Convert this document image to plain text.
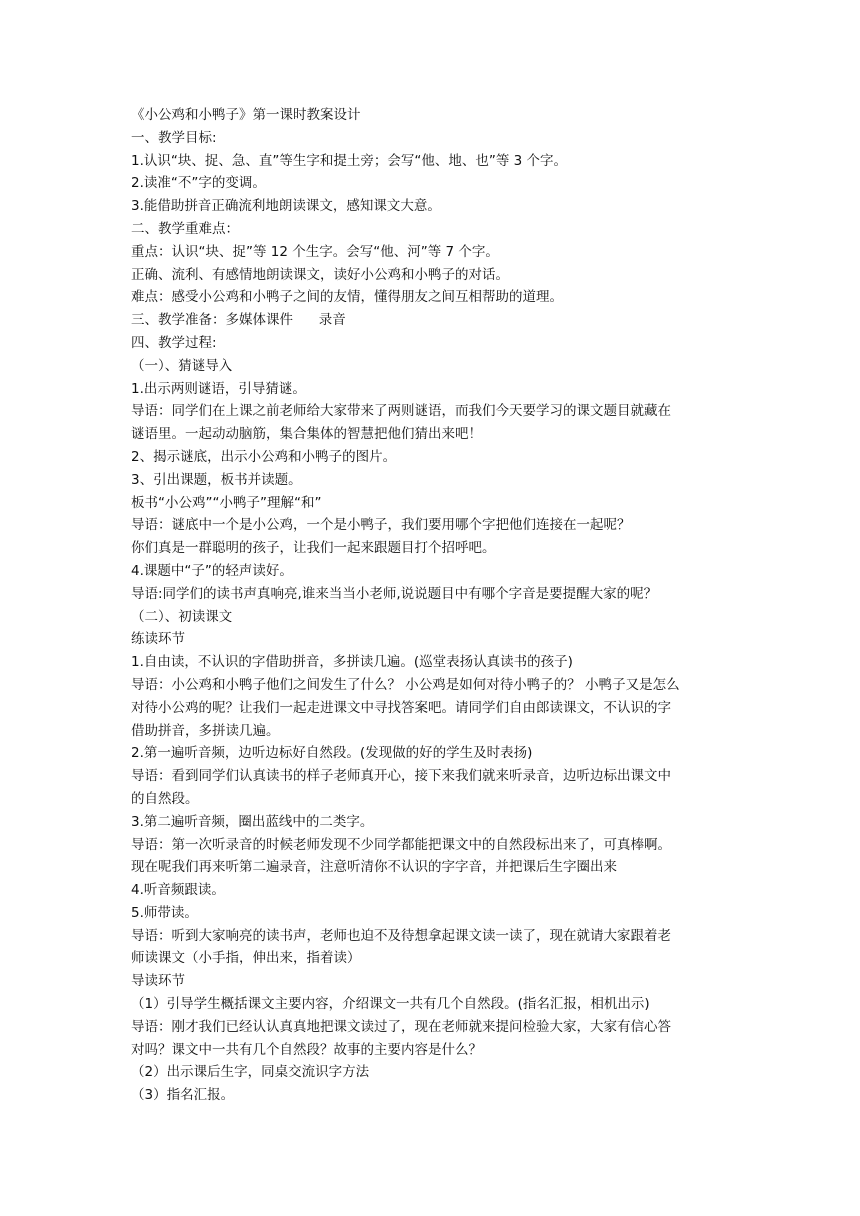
《小公鸡和小鸭子》第一课时教案设计
一、教学目标:
1.认识“块、捉、急、直”等生字和提土旁；会写“他、地、也”等 3 个字。
2.读准“不”字的变调。
3.能借助拼音正确流利地朗读课文，感知课文大意。
二、教学重难点：
重点：认识“块、捉”等 12 个生字。会写“他、河”等 7 个字。
正确、流利、有感情地朗读课文，读好小公鸡和小鸭子的对话。
难点：感受小公鸡和小鸭子之间的友情，懂得朋友之间互相帮助的道理。
三、教学准备：多媒体课件      录音
四、教学过程:
（一）、猜谜导入
1.出示两则谜语，引导猜谜。
导语：同学们在上课之前老师给大家带来了两则谜语，而我们今天要学习的课文题目就藏在
谜语里。一起动动脑筋，集合集体的智慧把他们猜出来吧！
2、揭示谜底，出示小公鸡和小鸭子的图片。
3、引出课题，板书并读题。
板书“小公鸡”“小鸭子”理解“和”
导语：谜底中一个是小公鸡，一个是小鸭子，我们要用哪个字把他们连接在一起呢？
你们真是一群聪明的孩子，让我们一起来跟题目打个招呼吧。
4.课题中“子”的轻声读好。
导语:同学们的读书声真响亮,谁来当当小老师,说说题目中有哪个字音是要提醒大家的呢？
（二）、初读课文
练读环节
1.自由读，不认识的字借助拼音，多拼读几遍。(巡堂表扬认真读书的孩子)
导语：小公鸡和小鸭子他们之间发生了什么？ 小公鸡是如何对待小鸭子的？ 小鸭子又是怎么
对待小公鸡的呢？让我们一起走进课文中寻找答案吧。请同学们自由郎读课文，不认识的字
借助拼音，多拼读几遍。
2.第一遍听音频，边听边标好自然段。(发现做的好的学生及时表扬)
导语：看到同学们认真读书的样子老师真开心，接下来我们就来听录音，边听边标出课文中
的自然段。
3.第二遍听音频，圈出蓝线中的二类字。
导语：第一次听录音的时候老师发现不少同学都能把课文中的自然段标出来了，可真棒啊。
现在呢我们再来听第二遍录音，注意听清你不认识的字字音，并把课后生字圈出来
4.听音频跟读。
5.师带读。
导语：听到大家响亮的读书声，老师也迫不及待想拿起课文读一读了，现在就请大家跟着老
师读课文（小手指，伸出来，指着读）
导读环节
（1）引导学生概括课文主要内容，介绍课文一共有几个自然段。(指名汇报，相机出示)
导语：刚才我们已经认认真真地把课文读过了，现在老师就来提问检验大家，大家有信心答
对吗？课文中一共有几个自然段？故事的主要内容是什么？
（2）出示课后生字，同桌交流识字方法
（3）指名汇报。
